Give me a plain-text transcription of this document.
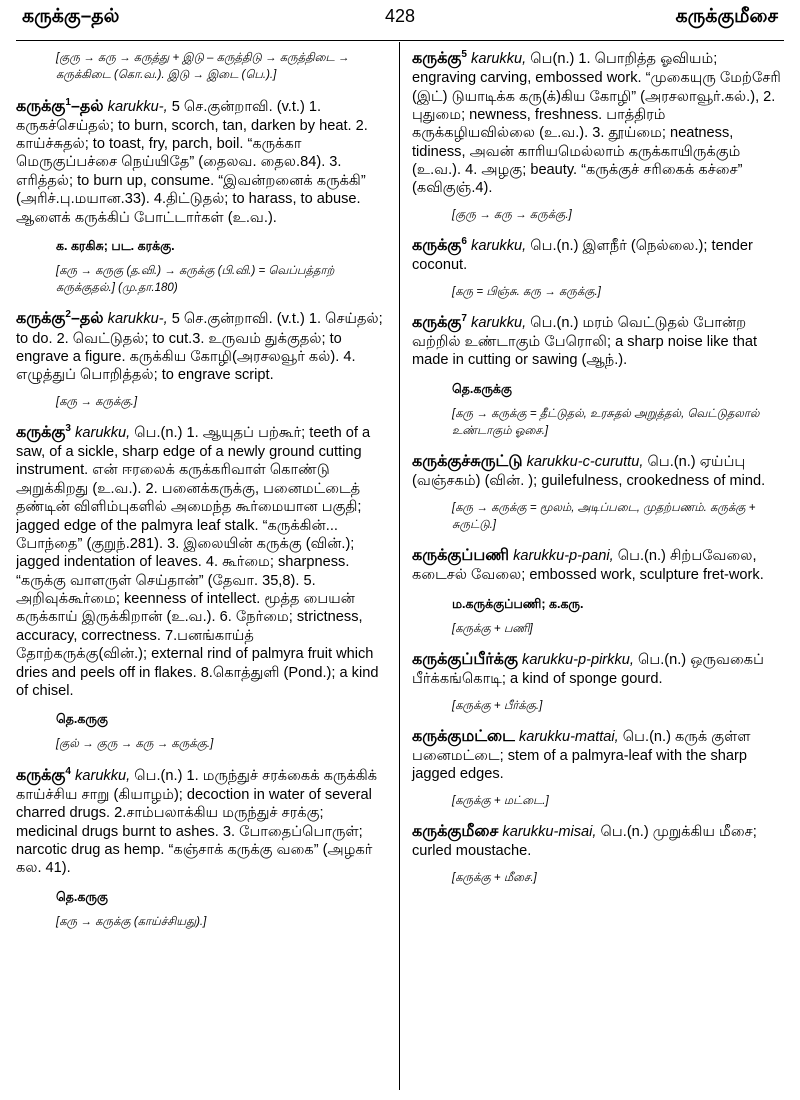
கருக்கு–தல்	428	கருக்குமீசை
[குரு → கரு → கருத்து + இடு – கருத்திடு → கருத்திடை → கருக்கிடை (கொ.வ.). இடு → இடை (பெ.).]
கருக்கு$^1$–தல் karukku-, 5 செ.குன்றாவி. (v.t.) 1. கருகச்செய்தல்; to burn, scorch, tan, darken by heat. 2. காய்ச்சுதல்; to toast, fry, parch, boil. “கருக்கா மெருகுப்பச்சை நெய்யிதே” (தைலவ. தைல.84). 3. எரித்தல்; to burn up, consume. “இவன்றனைக் கருக்கி” (அரிச்.பு.மயான.33). 4.திட்டுதல்; to harass, to abuse. ஆளைக் கருக்கிப் போட்டார்கள் (உ.வ.).
க. கரகிசு; பட. கரக்கு.
[கரு → கருகு (த.வி.) → கருக்கு (பி.வி.) = வெப்பத்தாற் கருக்குதல்.] (மு.தா.180)
கருக்கு$^2$–தல் karukku-, 5 செ.குன்றாவி. (v.t.) 1. செய்தல்; to do. 2. வெட்டுதல்; to cut.3. உருவம் துக்குதல்; to engrave a figure. கருக்கிய கோழி(அரசலவூர் கல்). 4. எழுத்துப் பொறித்தல்; to engrave script.
[கரு → கருக்கு.]
கருக்கு$^3$ karukku, பெ.(n.) 1. ஆயுதப் பற்கூர்; teeth of a saw, of a sickle, sharp edge of a newly ground cutting instrument. என் ஈரலைக் கருக்கரிவாள் கொண்டு அறுக்கிறது (உ.வ.). 2. பனைக்கருக்கு, பனைமட்டைத் தண்டின் விளிம்புகளில் அமைந்த கூர்மையான பகுதி; jagged edge of the palmyra leaf stalk. “கருக்கின்... போந்தை” (குறுந்.281). 3. இலையின் கருக்கு (வின்.); jagged indentation of leaves. 4. கூர்மை; sharpness. “கருக்கு வாளருள் செய்தான்” (தேவா. 35,8). 5. அறிவுக்கூர்மை; keenness of intellect. மூத்த பையன் கருக்காய் இருக்கிறான் (உ.வ.). 6. நேர்மை; strictness, accuracy, correctness. 7.பனங்காய்த் தோற்கருக்கு(வின்.); external rind of palmyra fruit which dries and peels off in flakes. 8.கொத்துளி (Pond.); a kind of chisel.
தெ.கருகு
[குல் → குரு → கரு → கருக்கு.]
கருக்கு$^4$ karukku, பெ.(n.) 1. மருந்துச் சரக்கைக் கருக்கிக் காய்ச்சிய சாறு (கியாழம்); decoction in water of several charred drugs. 2.சாம்பலாக்கிய மருந்துச் சரக்கு; medicinal drugs burnt to ashes. 3. போதைப்பொருள்; narcotic drug as hemp. “கஞ்சாக் கருக்கு வகை” (அழகர் கல. 41).
தெ.கருகு
[கரு → கருக்கு (காய்ச்சியது).]
கருக்கு$^5$ karukku, பெ(n.) 1. பொறித்த ஓவியம்; engraving carving, embossed work. “முகையுரு மேற்சேரி (இட்) டுயாடிக்க கரு(க்)கிய கோழி” (அரசலாவூர்.கல்.), 2. புதுமை; newness, freshness. பாத்திரம் கருக்கழியவில்லை (உ.வ.). 3. தூய்மை; neatness, tidiness, அவன் காரியமெல்லாம் கருக்காயிருக்கும் (உ.வ.). 4. அழகு; beauty. “கருக்குச் சரிகைக் கச்சை” (கவிகுஞ்.4).
[குரு → கரு → கருக்கு.]
கருக்கு$^6$ karukku, பெ.(n.) இளநீர் (நெல்லை.); tender coconut.
[கரு = பிஞ்சு. கரு → கருக்கு.]
கருக்கு$^7$ karukku, பெ.(n.) மரம் வெட்டுதல் போன்ற வற்றில் உண்டாகும் பேரொலி; a sharp noise like that made in cutting or sawing (ஆந்.).
தெ.கருக்கு
[கரு → கருக்கு = தீட்டுதல், உரசுதல் அறுத்தல், வெட்டுதலால் உண்டாகும் ஓசை.]
கருக்குச்சுருட்டு karukku-c-curuttu, பெ.(n.) ஏய்ப்பு (வஞ்சகம்) (வின். ); guilefulness, crookedness of mind.
[கரு → கருக்கு = மூலம், அடிப்படை, முதற்பணம். கருக்கு + சுருட்டு.]
கருக்குப்பணி karukku-p-pani, பெ.(n.) சிற்பவேலை, கடைசல் வேலை; embossed work, sculpture fret-work.
ம.கருக்குப்பணி; க.கரு.
[கருக்கு + பணி]
கருக்குப்பீர்க்கு karukku-p-pirkku, பெ.(n.) ஒருவகைப் பீர்க்கங்கொடி; a kind of sponge gourd.
[கருக்கு + பீர்க்கு.]
கருக்குமட்டை karukku-mattai, பெ.(n.) கருக் குள்ள பனைமட்டை; stem of a palmyra-leaf with the sharp jagged edges.
[கருக்கு + மட்டை.]
கருக்குமீசை karukku-misai, பெ.(n.) முறுக்கிய மீசை; curled moustache.
[கருக்கு + மீசை.]
